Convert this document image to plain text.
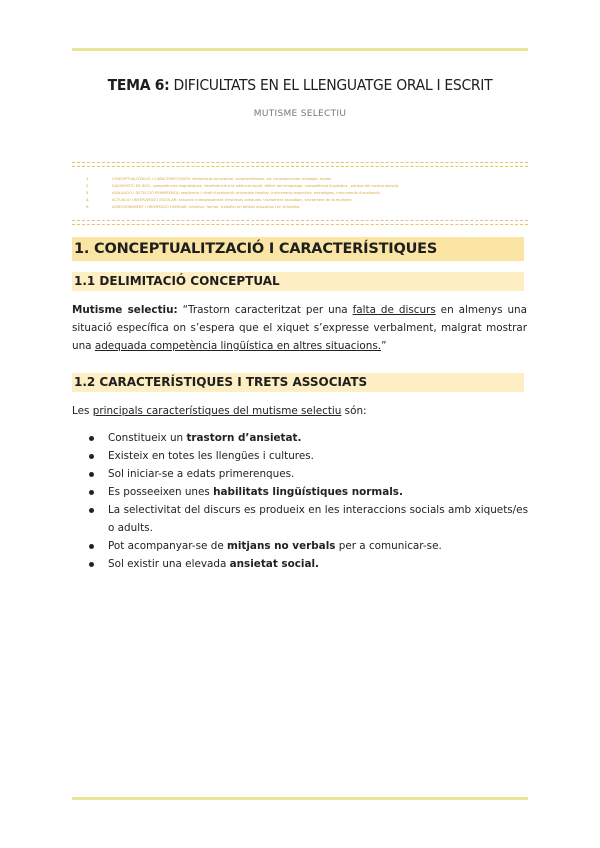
TEMA 6: DIFICULTATS EN EL LLENGUATGE ORAL I ESCRIT
MUTISME SELECTIU
1.	CONCEPTUALITZACIÓ I CARACTERÍSTIQUES: delimitació conceptual, característiques, etc consequencies: etiologia, model.
2.	DIAGNÒSTIC DE RISC: competències lingüístiques, interferència a la adiència social, dèficit del llenguatge, competència lingüística , pèrdua del control atenció.
3.	AVALUACIÓ I DETECCIÓ PRIMERENCA: seqüència i nivell d'avaluació: entrevista familiar, instruments específics, estratègies, instruments d'avaluació.
4.	ACTUACIÓ I INTERVENCIÓ ESCOLAR: actuació a desplaçament d'estímuls adequats, tractament psicològic, tractament de la mutisme.
5.	ASSESSORAMENT I ORIENTACIÓ FAMILIAR: informar, formar, treballar en àmbits educatius i en la família.
1. CONCEPTUALITZACIÓ I CARACTERÍSTIQUES
1.1 DELIMITACIÓ CONCEPTUAL
Mutisme selectiu: “Trastorn caracteritzat per una falta de discurs en almenys una situació específica on s’espera que el xiquet s’expresse verbalment, malgrat mostrar una adequada competència lingüística en altres situacions.”
1.2 CARACTERÍSTIQUES I TRETS ASSOCIATS
Les principals característiques del mutisme selectiu són:
Constitueix un trastorn d’ansietat.
Existeix en totes les llengües i cultures.
Sol iniciar-se a edats primerenques.
Es posseeixen unes habilitats lingüístiques normals.
La selectivitat del discurs es produeix en les interaccions socials amb xiquets/es o adults.
Pot acompanyar-se de mitjans no verbals per a comunicar-se.
Sol existir una elevada ansietat social.
